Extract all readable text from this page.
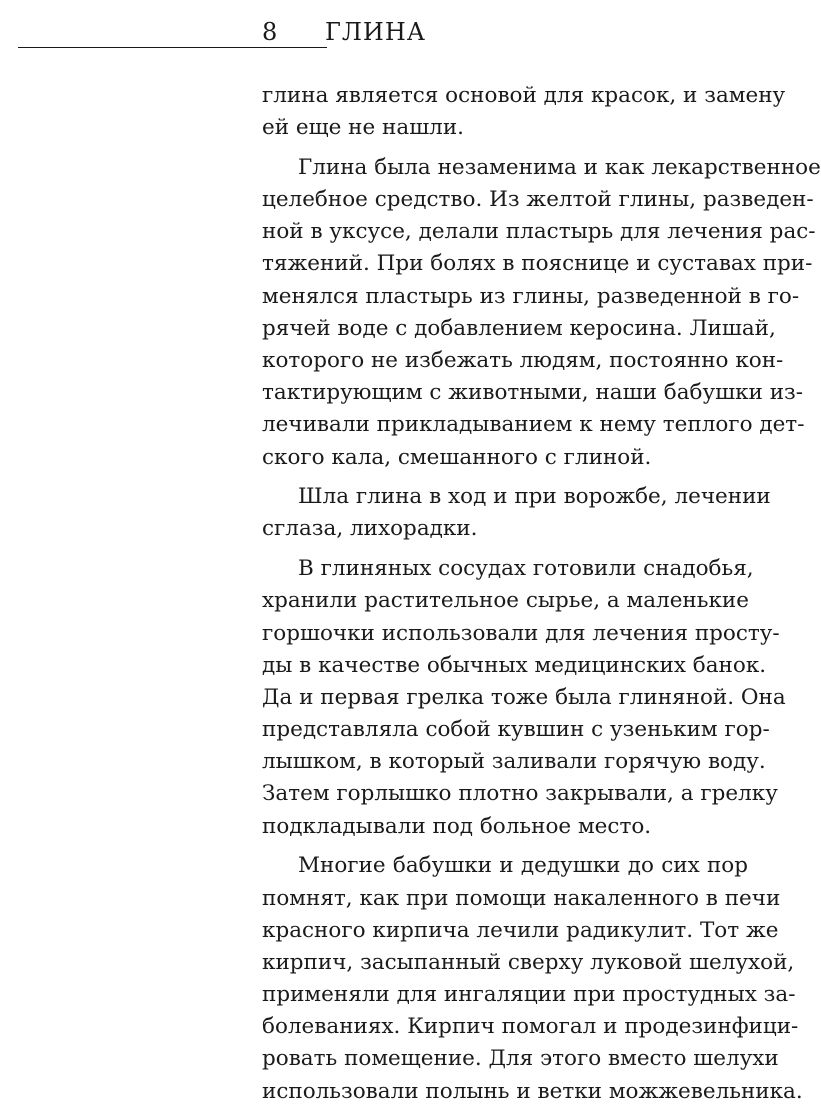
8 ГЛИНА
глина является основой для красок, и замену
ей еще не нашли.
Глина была незаменима и как лекарственное
целебное средство. Из желтой глины, разведен-
ной в уксусе, делали пластырь для лечения рас-
тяжений. При болях в пояснице и суставах при-
менялся пластырь из глины, разведенной в го-
рячей воде с добавлением керосина. Лишай,
которого не избежать людям, постоянно кон-
тактирующим с животными, наши бабушки из-
лечивали прикладыванием к нему теплого дет-
ского кала, смешанного с глиной.
Шла глина в ход и при ворожбе, лечении
сглаза, лихорадки.
В глиняных сосудах готовили снадобья,
хранили растительное сырье, а маленькие
горшочки использовали для лечения просту-
ды в качестве обычных медицинских банок.
Да и первая грелка тоже была глиняной. Она
представляла собой кувшин с узеньким гор-
лышком, в который заливали горячую воду.
Затем горлышко плотно закрывали, а грелку
подкладывали под больное место.
Многие бабушки и дедушки до сих пор
помнят, как при помощи накаленного в печи
красного кирпича лечили радикулит. Тот же
кирпич, засыпанный сверху луковой шелухой,
применяли для ингаляции при простудных за-
болеваниях. Кирпич помогал и продезинфици-
ровать помещение. Для этого вместо шелухи
использовали полынь и ветки можжевельника.
